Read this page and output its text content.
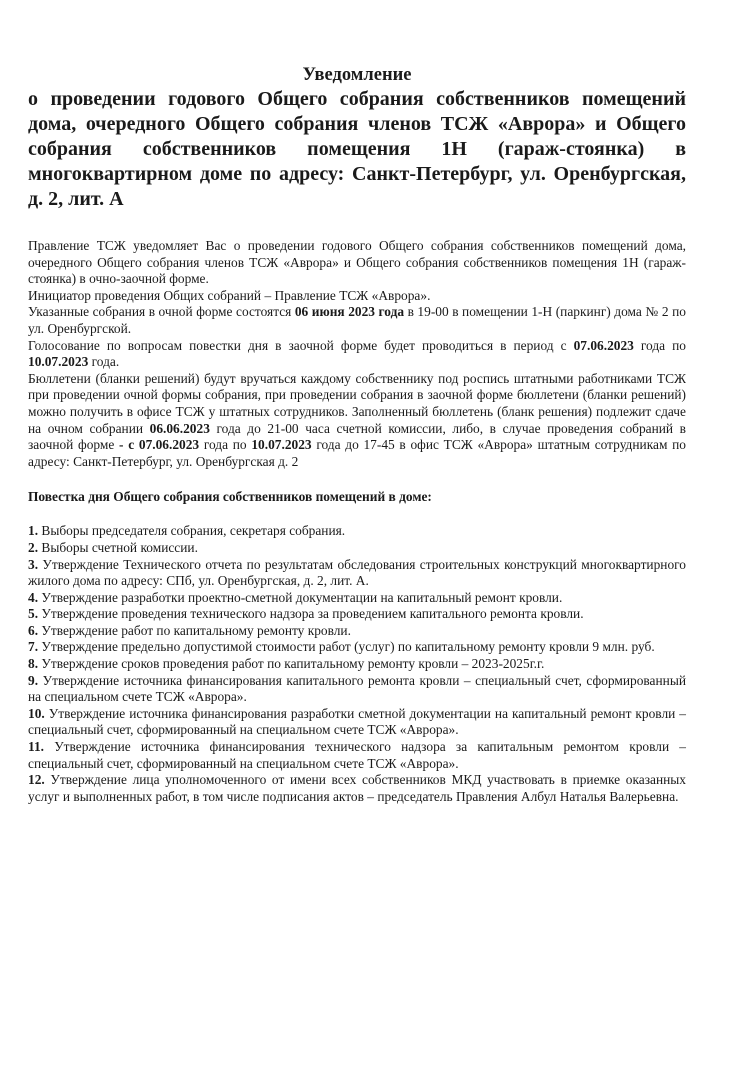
Уведомление
о проведении годового Общего собрания собственников помещений дома, очередного Общего собрания членов ТСЖ «Аврора» и Общего собрания собственников помещения 1Н (гараж-стоянка) в многоквартирном доме по адресу: Санкт-Петербург, ул. Оренбургская, д. 2, лит. А

Правление ТСЖ уведомляет Вас о проведении годового Общего собрания собственников помещений дома, очередного Общего собрания членов ТСЖ «Аврора» и Общего собрания собственников помещения 1Н (гараж-стоянка) в очно-заочной форме.

Инициатор проведения Общих собраний – Правление ТСЖ «Аврора».

Указанные собрания в очной форме состоятся 06 июня 2023 года в 19-00 в помещении 1-Н (паркинг) дома № 2 по ул. Оренбургской.

Голосование по вопросам повестки дня в заочной форме будет проводиться в период с 07.06.2023 года по 10.07.2023 года.

Бюллетени (бланки решений) будут вручаться каждому собственнику под роспись штатными работниками ТСЖ при проведении очной формы собрания, при проведении собрания в заочной форме бюллетени (бланки решений) можно получить в офисе ТСЖ у штатных сотрудников. Заполненный бюллетень (бланк решения) подлежит сдаче на очном собрании 06.06.2023 года до 21-00 часа счетной комиссии, либо, в случае проведения собраний в заочной форме - с 07.06.2023 года по 10.07.2023 года до 17-45 в офис ТСЖ «Аврора» штатным сотрудникам по адресу: Санкт-Петербург, ул. Оренбургская д. 2

Повестка дня Общего собрания собственников помещений в доме:
1. Выборы председателя собрания, секретаря собрания.
2. Выборы счетной комиссии.
3. Утверждение Технического отчета по результатам обследования строительных конструкций многоквартирного жилого дома по адресу: СПб, ул. Оренбургская, д. 2, лит. А.
4. Утверждение разработки проектно-сметной документации на капитальный ремонт кровли.
5. Утверждение проведения технического надзора за проведением капитального ремонта кровли.
6. Утверждение работ по капитальному ремонту кровли.
7. Утверждение предельно допустимой стоимости работ (услуг) по капитальному ремонту кровли 9 млн. руб.
8. Утверждение сроков проведения работ по капитальному ремонту кровли – 2023-2025г.г.
9. Утверждение источника финансирования капитального ремонта кровли – специальный счет, сформированный на специальном счете ТСЖ «Аврора».
10. Утверждение источника финансирования разработки сметной документации на капитальный ремонт кровли – специальный счет, сформированный на специальном счете ТСЖ «Аврора».
11. Утверждение источника финансирования технического надзора за капитальным ремонтом кровли – специальный счет, сформированный на специальном счете ТСЖ «Аврора».
12. Утверждение лица уполномоченного от имени всех собственников МКД участвовать в приемке оказанных услуг и выполненных работ, в том числе подписания актов – председатель Правления Албул Наталья Валерьевна.
